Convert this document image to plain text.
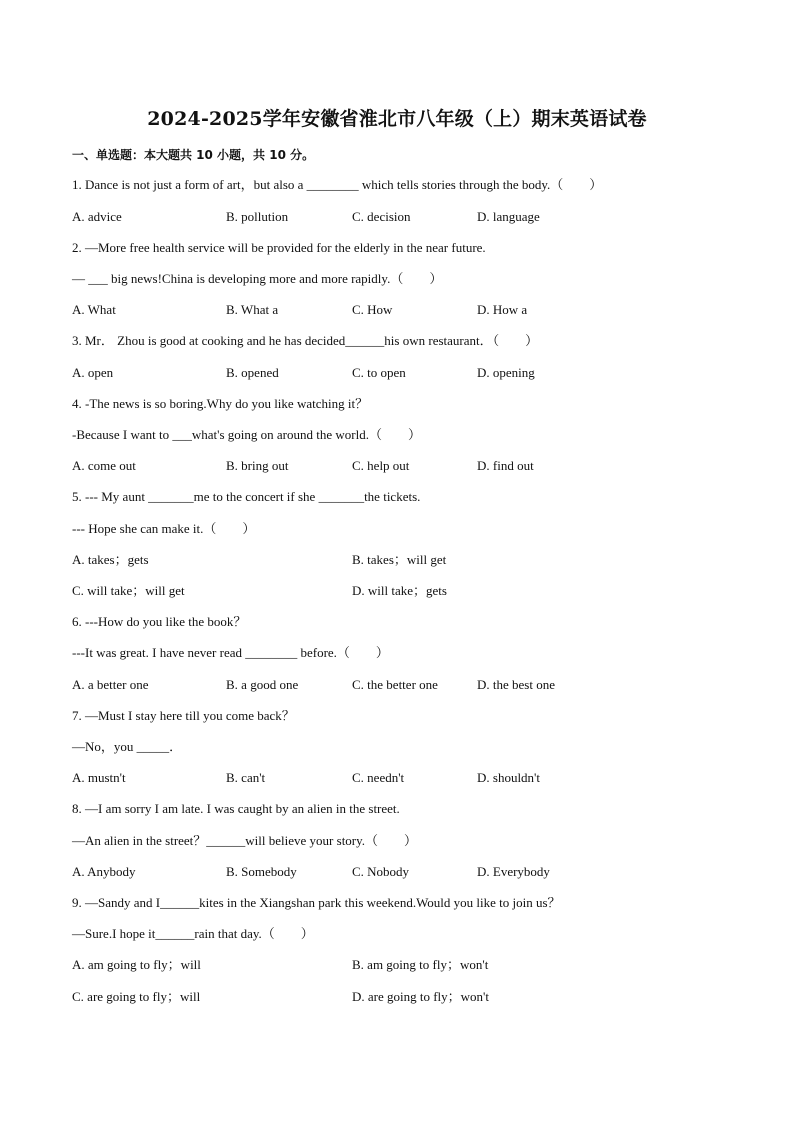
2024-2025学年安徽省淮北市八年级（上）期末英语试卷
一、单选题：本大题共 10 小题，共 10 分。
1. Dance is not just a form of art，but also a ________ which tells stories through the body.（　　）
A. advice	B. pollution	C. decision	D. language
2. —More free health service will be provided for the elderly in the near future.
— ___ big news!China is developing more and more rapidly.（　　）
A. What	B. What a	C. How	D. How a
3. Mr． Zhou is good at cooking and he has decided______his own restaurant．（　　）
A. open	B. opened	C. to open	D. opening
4. -The news is so boring.Why do you like watching it？
-Because I want to ___what's going on around the world.（　　）
A. come out	B. bring out	C. help out	D. find out
5. --- My aunt _______me to the concert if she _______the tickets.
--- Hope she can make it.（　　）
A. takes；gets	B. takes；will get
C. will take；will get	D. will take；gets
6. ---How do you like the book？
---It was great. I have never read ________ before.（　　）
A. a better one	B. a good one	C. the better one	D. the best one
7. —Must I stay here till you come back？
—No，you _____．
A. mustn't	B. can't	C. needn't	D. shouldn't
8. —I am sorry I am late. I was caught by an alien in the street.
—An alien in the street？______will believe your story.（　　）
A. Anybody	B. Somebody	C. Nobody	D. Everybody
9. —Sandy and I______kites in the Xiangshan park this weekend.Would you like to join us？
—Sure.I hope it______rain that day.（　　）
A. am going to fly；will	B. am going to fly；won't
C. are going to fly；will	D. are going to fly；won't
